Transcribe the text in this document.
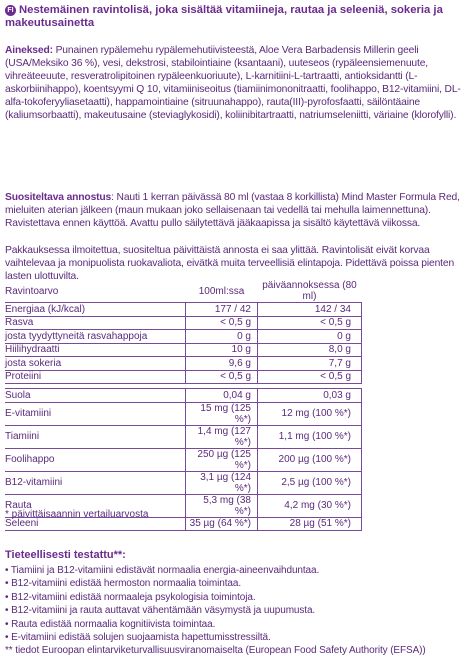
FI Nestemäinen ravintolisä, joka sisältää vitamiineja, rautaa ja seleeniä, sokeria ja makeutusainetta
Aineksed: Punainen rypälemehu rypälemehutiivisteestä, Aloe Vera Barbadensis Millerin geeli (USA/Meksiko 36 %), vesi, dekstrosi, stabilointiaine (ksantaani), uuteseos (rypäleensiemenuute, vihreäteeuute, resveratrolipitoinen rypäleenkuoriuute), L-karnitiini-L-tartraatti, antioksidantti (L-askorbiinihappo), koentsyymi Q 10, vitamiiniseoitus (tiamiinimononitraatti, foolihappo, B12-vitamiini, DL-alfa-tokoferyyliasetaatti), happamointiaine (sitruunahappo), rauta(III)-pyrofosfaatti, säilöntäaine (kaliumsorbaatti), makeutusaine (steviaglykosidi), koliinibitartraatti, natriumseleniitti, väriaine (klorofylli).
Suositeltava annostus: Nauti 1 kerran päivässä 80 ml (vastaa 8 korkillista) Mind Master Formula Red, mieluiten aterian jälkeen (maun mukaan joko sellaisenaan tai vedellä tai mehulla laimennettuna). Ravistettava ennen käyttöä. Avattu pullo säilytettävä jääkaapissa ja sisältö käytettävä viikossa.
Pakkauksessa ilmoitettua, suositeltua päivittäistä annosta ei saa ylittää. Ravintolisät eivät korvaa vaihtelevaa ja monipuolista ruokavaliota, eivätkä muita terveellisiä elintapoja. Pidettävä poissa pienten lasten ulottuvilta.
Ravintoarvo	100ml:ssa	päiväannoksessa (80 ml)
Energiaa (kJ/kcal)	177 / 42	142 / 34
Rasva	< 0,5 g	< 0,5 g
josta tyydyttyneitä rasvahappoja	0 g	0 g
Hiilihydraatti	10 g	8,0 g
josta sokeria	9,6 g	7,7 g
Proteiini	< 0,5 g	< 0,5 g

Suola	0,04 g	0,03 g
E-vitamiini	15 mg (125 %*)	12 mg (100 %*)
Tiamiini	1,4 mg (127 %*)	1,1 mg (100 %*)
Foolihappo	250 µg (125 %*)	200 µg (100 %*)
B12-vitamiini	3,1 µg (124 %*)	2,5 µg (100 %*)
Rauta	5,3 mg (38 %*)	4,2 mg (30 %*)
Seleeni	35 µg (64 %*)	28 µg (51 %*)
* päivittäisaannin vertailuarvosta
Tieteellisesti testattu**:
• Tiamiini ja B12-vitamiini edistävät normaalia energia-aineenvaihduntaa.
• B12-vitamiini edistää hermoston normaalia toimintaa.
• B12-vitamiini edistää normaaleja psykologisia toimintoja.
• B12-vitamiini ja rauta auttavat vähentämään väsymystä ja uupumusta.
• Rauta edistää normaalia kognitiivista toimintaa.
• E-vitamiini edistää solujen suojaamista hapettumisstressiltä.
** tiedot Euroopan elintarviketurvallisuusviranomaiselta (European Food Safety Authority (EFSA))
